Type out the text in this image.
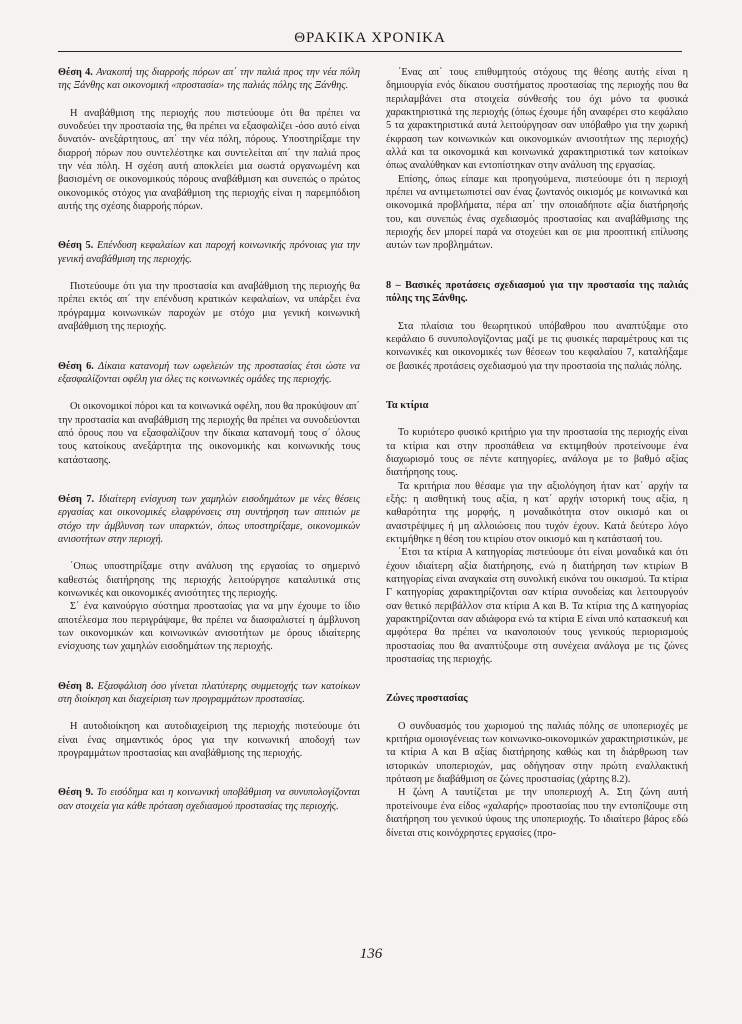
ΘΡΑΚΙΚΑ ΧΡΟΝΙΚΑ

Θέση 4. Ανακοπή της διαρροής πόρων απ΄ την παλιά προς την νέα πόλη της Ξάνθης και οικονομική «προστασία» της παλιάς πόλης της Ξάνθης.

Η αναβάθμιση της περιοχής που πιστεύουμε ότι θα πρέπει να συνοδεύει την προστασία της, θα πρέπει να εξασφαλίζει -όσο αυτό είναι δυνατόν- ανεξάρτητους, απ΄ την νέα πόλη, πόρους. Υποστηρίξαμε την διαρροή πόρων που συντελέστηκε και συντελείται απ΄ την παλιά προς την νέα πόλη. Η σχέση αυτή αποκλείει μια σωστά οργανωμένη και βασισμένη σε οικονομικούς πόρους αναβάθμιση και συνεπώς ο πρώτος οικονομικός στόχος για αναβάθμιση της περιοχής είναι η παρεμπόδιση αυτής της σχέσης διαρροής πόρων.

Θέση 5. Επένδυση κεφαλαίων και παροχή κοινωνικής πρόνοιας για την γενική αναβάθμιση της περιοχής.

Πιστεύουμε ότι για την προστασία και αναβάθμιση της περιοχής θα πρέπει εκτός απ΄ την επένδυση κρατικών κεφαλαίων, να υπάρξει ένα πρόγραμμα κοινωνικών παροχών με στόχο μια γενική κοινωνική αναβάθμιση της περιοχής.

Θέση 6. Δίκαια κατανομή των ωφελειών της προστασίας έτσι ώστε να εξασφαλίζονται οφέλη για όλες τις κοινωνικές ομάδες της περιοχής.

Οι οικονομικοί πόροι και τα κοινωνικά οφέλη, που θα προκύψουν απ΄ την προστασία και αναβάθμιση της περιοχής θα πρέπει να συνοδεύονται από όρους που να εξασφαλίζουν την δίκαια κατανομή τους σ΄ όλους τους κατοίκους ανεξάρτητα της οικονομικής και κοινωνικής τους κατάστασης.

Θέση 7. Ιδιαίτερη ενίσχυση των χαμηλών εισοδημάτων με νέες θέσεις εργασίας και οικονομικές ελαφρύνσεις στη συντήρηση των σπιτιών με στόχο την άμβλυνση των υπαρκτών, όπως υποστηρίξαμε, οικονομικών ανισοτήτων στην περιοχή.

΄Οπως υποστηρίξαμε στην ανάλυση της εργασίας το σημερινό καθεστώς διατήρησης της περιοχής λειτούργησε καταλυτικά στις κοινωνικές και οικονομικές ανισότητες της περιοχής.

Σ΄ ένα καινούργιο σύστημα προστασίας για να μην έχουμε το ίδιο αποτέλεσμα που περιγράψαμε, θα πρέπει να διασφαλιστεί η άμβλυνση των οικονομικών και κοινωνικών ανισοτήτων με όρους ιδιαίτερης ενίσχυσης των χαμηλών εισοδημάτων της περιοχής.

Θέση 8. Εξασφάλιση όσο γίνεται πλατύτερης συμμετοχής των κατοίκων στη διοίκηση και διαχείριση των προγραμμάτων προστασίας.

Η αυτοδιοίκηση και αυτοδιαχείριση της περιοχής πιστεύουμε ότι είναι ένας σημαντικός όρος για την κοινωνική αποδοχή των προγραμμάτων προστασίας και αναβάθμισης της περιοχής.

Θέση 9. Το εισόδημα και η κοινωνική υποβάθμιση να συνυπολογίζονται σαν στοιχεία για κάθε πρόταση σχεδιασμού προστασίας της περιοχής.

΄Ενας απ΄ τους επιθυμητούς στόχους της θέσης αυτής είναι η δημιουργία ενός δίκαιου συστήματος προστασίας της περιοχής που θα περιλαμβάνει στα στοιχεία σύνθεσής του όχι μόνο τα φυσικά χαρακτηριστικά της περιοχής (όπως έχουμε ήδη αναφέρει στο κεφάλαιο 5 τα χαρακτηριστικά αυτά λειτούργησαν σαν υπόβαθρο για την χωρική έκφραση των κοινωνικών και οικονομικών ανισοτήτων της περιοχής) αλλά και τα οικονομικά και κοινωνικά χαρακτηριστικά των κατοίκων όπως αναλύθηκαν και εντοπίστηκαν στην ανάλυση της εργασίας.

Επίσης, όπως είπαμε και προηγούμενα, πιστεύουμε ότι η περιοχή πρέπει να αντιμετωπιστεί σαν ένας ζωντανός οικισμός με κοινωνικά και οικονομικά προβλήματα, πέρα απ΄ την οποιαδήποτε αξία διατήρησής του, και συνεπώς ένας σχεδιασμός προστασίας και αναβάθμισης της περιοχής δεν μπορεί παρά να στοχεύει και σε μια προοπτική επίλυσης αυτών των προβλημάτων.

8 – Βασικές προτάσεις σχεδιασμού για την προστασία της παλιάς πόλης της Ξάνθης.

Στα πλαίσια του θεωρητικού υπόβαθρου που αναπτύξαμε στο κεφάλαιο 6 συνυπολογίζοντας μαζί με τις φυσικές παραμέτρους και τις κοινωνικές και οικονομικές των θέσεων του κεφαλαίου 7, καταλήξαμε σε βασικές προτάσεις σχεδιασμού για την προστασία της παλιάς πόλης.

Τα κτίρια

Το κυριότερο φυσικό κριτήριο για την προστασία της περιοχής είναι τα κτίρια και στην προσπάθεια να εκτιμηθούν προτείνουμε ένα διαχωρισμό τους σε πέντε κατηγορίες, ανάλογα με το βαθμό αξίας διατήρησης τους.

Τα κριτήρια που θέσαμε για την αξιολόγηση ήταν κατ΄ αρχήν τα εξής: η αισθητική τους αξία, η κατ΄ αρχήν ιστορική τους αξία, η καθαρότητα της μορφής, η μοναδικότητα στον οικισμό και οι αναστρέψιμες ή μη αλλοιώσεις που τυχόν έχουν. Κατά δεύτερο λόγο εκτιμήθηκε η θέση του κτιρίου στον οικισμό και η κατάστασή του.

΄Ετσι τα κτίρια Α κατηγορίας πιστεύουμε ότι είναι μοναδικά και ότι έχουν ιδιαίτερη αξία διατήρησης, ενώ η διατήρηση των κτιρίων Β κατηγορίας είναι αναγκαία στη συνολική εικόνα του οικισμού. Τα κτίρια Γ κατηγορίας χαρακτηρίζονται σαν κτίρια συνοδείας και λειτουργούν σαν θετικό περιβάλλον στα κτίρια Α και Β. Τα κτίρια της Δ κατηγορίας χαρακτηρίζονται σαν αδιάφορα ενώ τα κτίρια Ε είναι υπό κατασκευή και αμφότερα θα πρέπει να ικανοποιούν τους γενικούς περιορισμούς προστασίας που θα αναπτύξουμε στη συνέχεια ανάλογα με τις ζώνες προστασίας της περιοχής.

Ζώνες προστασίας

Ο συνδυασμός του χωρισμού της παλιάς πόλης σε υποπεριοχές με κριτήρια ομοιογένειας των κοινωνικο-οικονομικών χαρακτηριστικών, με τα κτίρια Α και Β αξίας διατήρησης καθώς και τη διάρθρωση των ιστορικών υποπεριοχών, μας οδήγησαν στην πρώτη εναλλακτική πρόταση με διαβάθμιση σε ζώνες προστασίας (χάρτης 8.2).

Η ζώνη Α ταυτίζεται με την υποπεριοχή Α. Στη ζώνη αυτή προτείνουμε ένα είδος «χαλαρής» προστασίας που την εντοπίζουμε στη διατήρηση του γενικού ύφους της υποπεριοχής. Το ιδιαίτερο βάρος εδώ δίνεται στις κοινόχρηστες εργασίες (προ-

136
